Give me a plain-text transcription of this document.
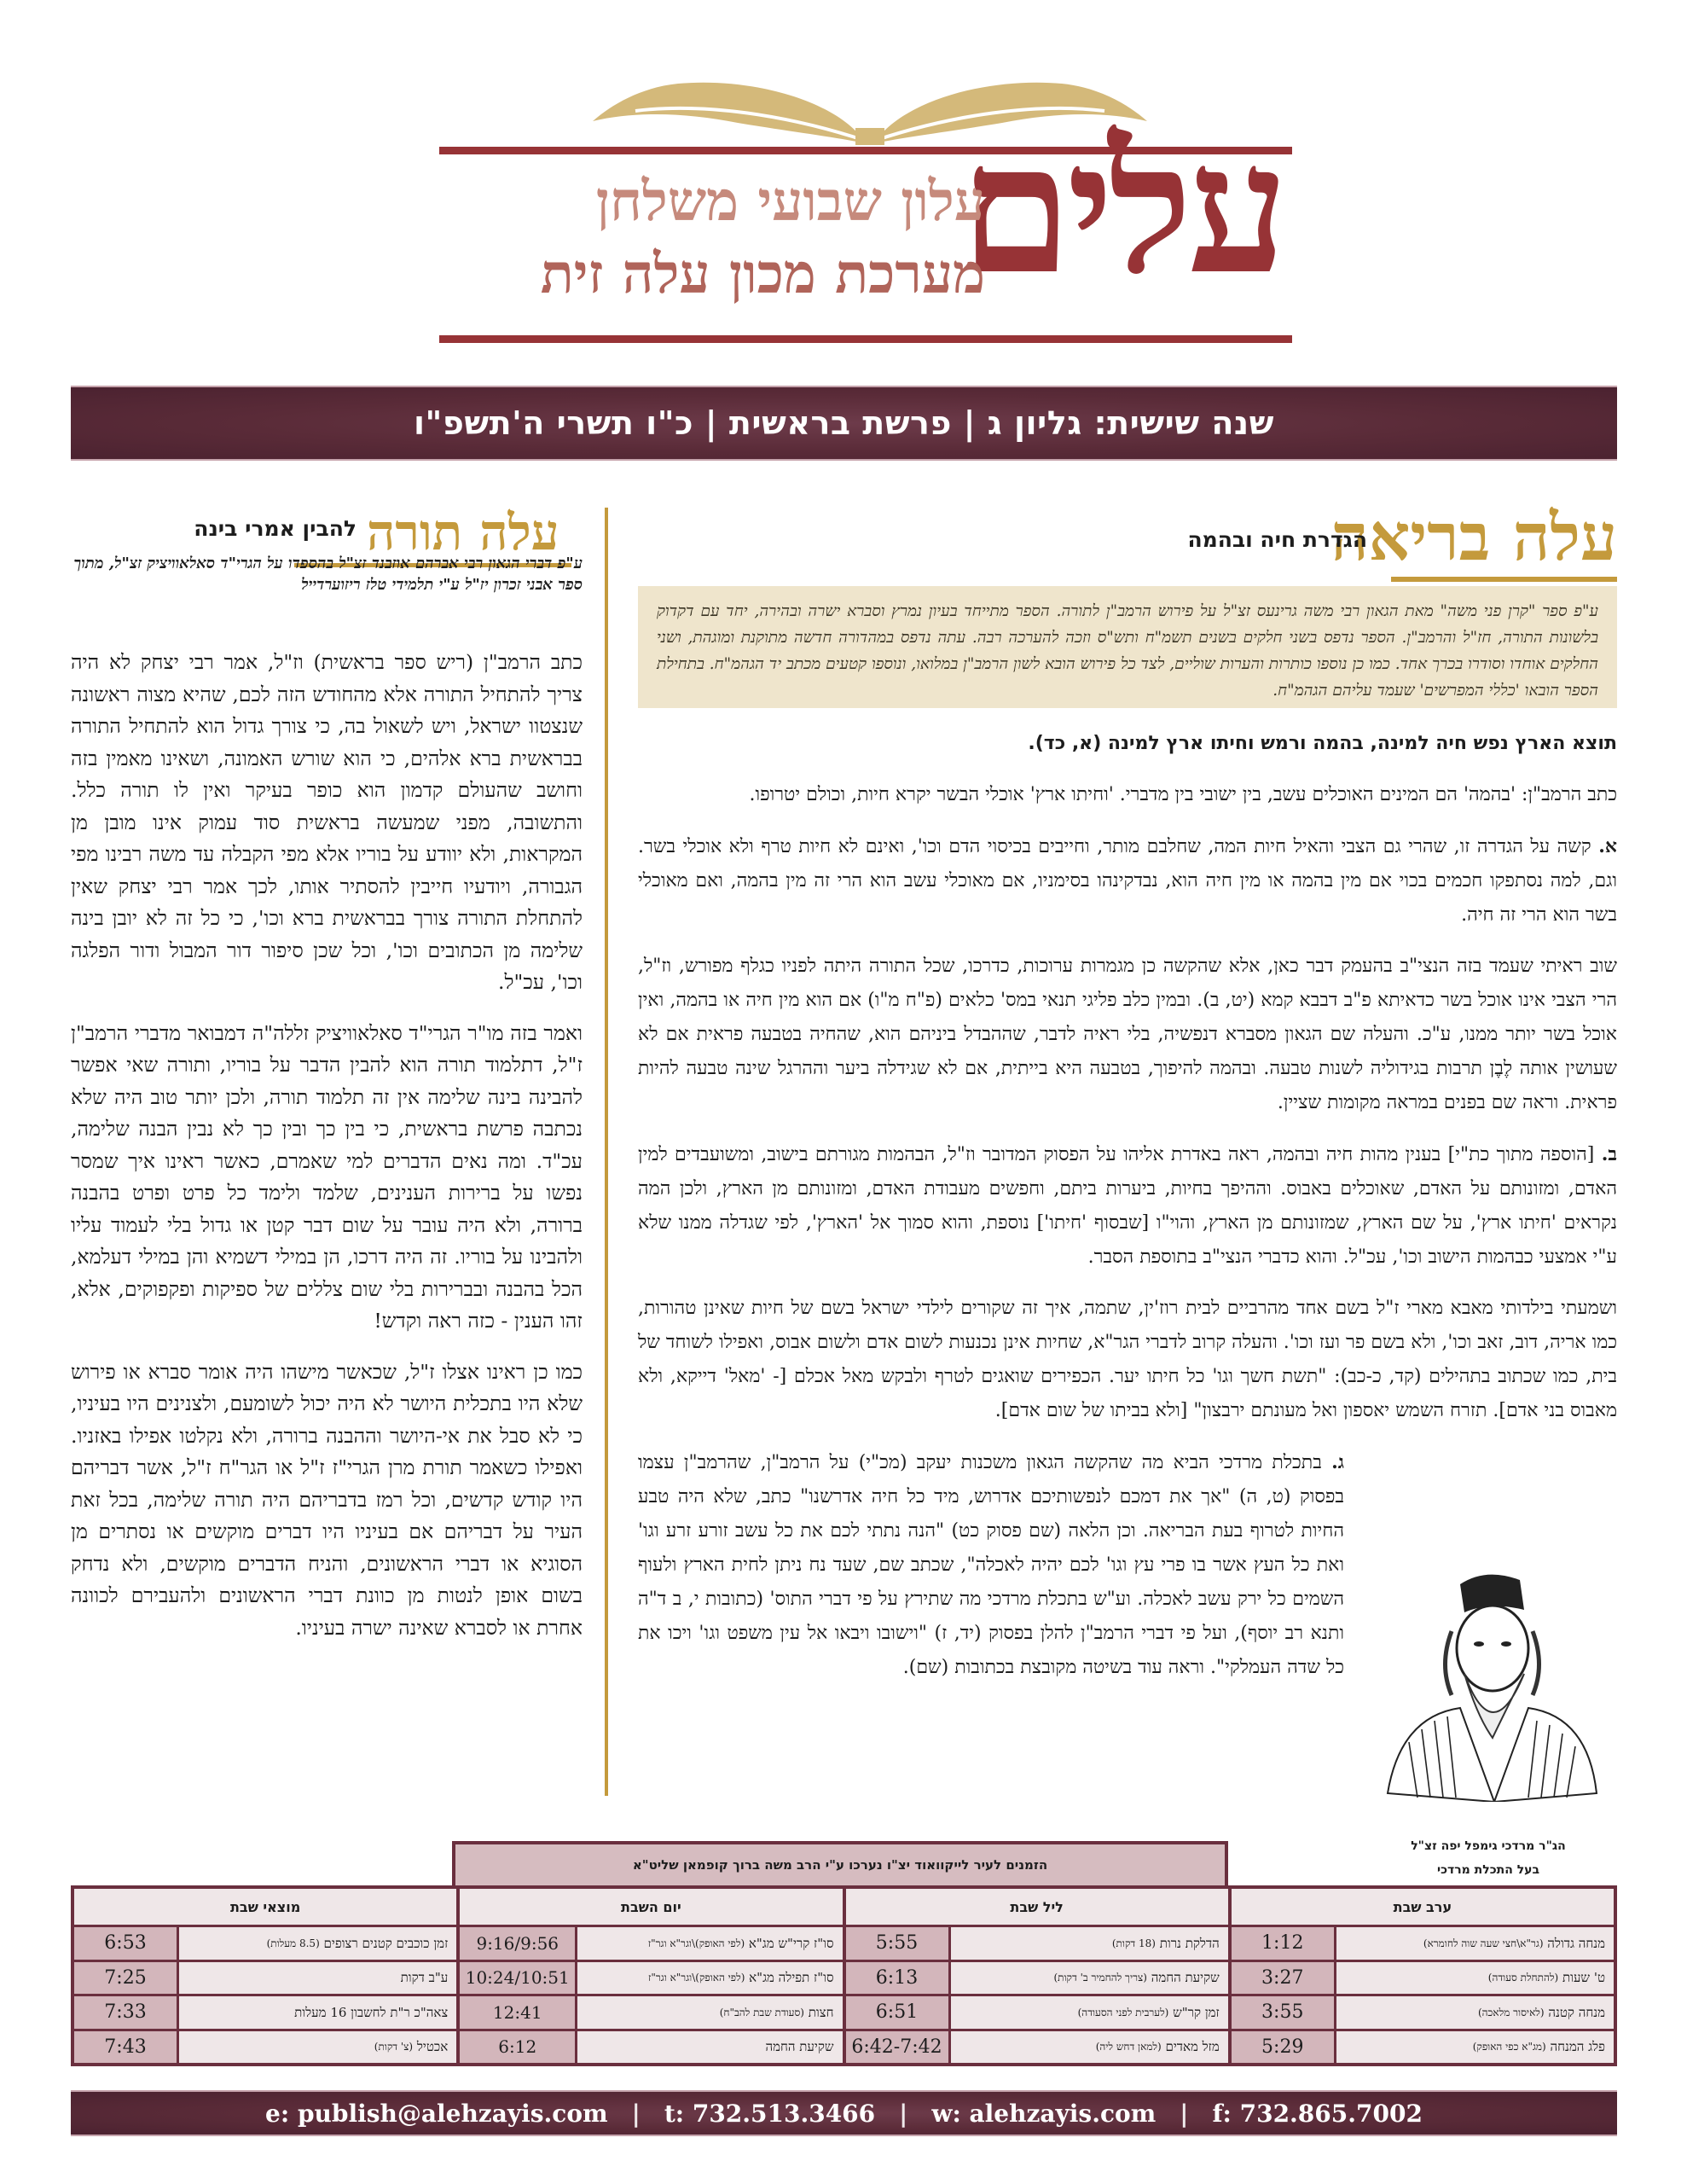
עלים
עלון שבועי משלחן
מערכת מכון עלה זית
שנה שישית: גליון ג | פרשת בראשית | כ"ו תשרי ה'תשפ"ו
עלה בריאה
הגדרת חיה ובהמה
ע"פ ספר "קרן פני משה" מאת הגאון רבי משה גרינעס זצ"ל על פירוש הרמב"ן לתורה. הספר מתייחד בעיון נמרץ וסברא ישרה ובהירה, יחד עם דקדוק בלשונות התורה, חז"ל והרמב"ן. הספר נדפס בשני חלקים בשנים תשמ"ח ותש"ס וזכה להערכה רבה. עתה נדפס במהדורה חדשה מתוקנת ומוגהת, ושני החלקים אוחדו וסודרו בכרך אחד. כמו כן נוספו כותרות והערות שוליים, לצד כל פירוש הובא לשון הרמב"ן במלואו, ונוספו קטעים מכתב יד הגהמ"ח. בתחילת הספר הובאו 'כללי המפרשים' שעמד עליהם הגהמ"ח.
הג"ר מרדכי גימפל יפה זצ"ל
בעל התכלת מרדכי

תוצא הארץ נפש חיה למינה, בהמה ורמש וחיתו ארץ למינה (א, כד).

כתב הרמב"ן: 'בהמה' הם המינים האוכלים עשב, בין ישובי בין מדברי. 'וחיתו ארץ' אוכלי הבשר יקרא חיות, וכולם יטרופו.

א. קשה על הגדרה זו, שהרי גם הצבי והאיל חיות המה, שחלבם מותר, וחייבים בכיסוי הדם וכו', ואינם לא חיות טרף ולא אוכלי בשר. וגם, למה נסתפקו חכמים בכוי אם מין בהמה או מין חיה הוא, נבדקינהו בסימניו, אם מאוכלי עשב הוא הרי זה מין בהמה, ואם מאוכלי בשר הוא הרי זה חיה.

שוב ראיתי שעמד בזה הנצי"ב בהעמק דבר כאן, אלא שהקשה כן מגמרות ערוכות, כדרכו, שכל התורה היתה לפניו כגלף מפורש, וז"ל, הרי הצבי אינו אוכל בשר כדאיתא פ"ב דבבא קמא (יט, ב). ובמין כלב פליגי תנאי במס' כלאים (פ"ח מ"ו) אם הוא מין חיה או בהמה, ואין אוכל בשר יותר ממנו, ע"כ. והעלה שם הגאון מסברא דנפשיה, בלי ראיה לדבר, שההבדל ביניהם הוא, שהחיה בטבעה פראית אם לא שעושין אותה לֶבֶן תרבות בגידוליה לשנות טבעה. ובהמה להיפוך, בטבעה היא בייתית, אם לא שגידלה ביער וההרגל שינה טבעה להיות פראית. וראה שם בפנים במראה מקומות שציין.

ב. [הוספה מתוך כת"י] בענין מהות חיה ובהמה, ראה באדרת אליהו על הפסוק המדובר וז"ל, הבהמות מגורתם בישוב, ומשועבדים למין האדם, ומזונותם על האדם, שאוכלים באבוס. וההיפך בחיות, ביערות ביתם, וחפשים מעבודת האדם, ומזונותם מן הארץ, ולכן המה נקראים 'חיתו ארץ', על שם הארץ, שמזונותם מן הארץ, והוי"ו [שבסוף 'חיתו'] נוספת, והוא סמוך אל 'הארץ', לפי שגדלה ממנו שלא ע"י אמצעי כבהמות הישוב וכו', עכ"ל. והוא כדברי הנצי"ב בתוספת הסבר.

ושמעתי בילדותי מאבא מארי ז"ל בשם אחד מהרביים לבית רוז'ין, שתמה, איך זה שקורים לילדי ישראל בשם של חיות שאינן טהורות, כמו אריה, דוב, זאב וכו', ולא בשם פר ועז וכו'. והעלה קרוב לדברי הגר"א, שחיות אינן נכנעות לשום אדם ולשום אבוס, ואפילו לשוחד של בית, כמו שכתוב בתהילים (קד, כ-כב): "תשת חשך וגו' כל חיתו יער. הכפירים שואגים לטרף ולבקש מאל אכלם [- 'מאל' דייקא, ולא מאבוס בני אדם]. תזרח השמש יאספון ואל מעונתם ירבצון" [ולא בביתו של שום אדם].

ג. בתכלת מרדכי הביא מה שהקשה הגאון משכנות יעקב (מכ"י) על הרמב"ן, שהרמב"ן עצמו בפסוק (ט, ה) "אך את דמכם לנפשותיכם אדרוש, מיד כל חיה אדרשנו" כתב, שלא היה טבע החיות לטרוף בעת הבריאה. וכן הלאה (שם פסוק כט) "הנה נתתי לכם את כל עשב זורע זרע וגו' ואת כל העץ אשר בו פרי עץ וגו' לכם יהיה לאכלה", שכתב שם, שעד נח ניתן לחית הארץ ולעוף השמים כל ירק עשב לאכלה. וע"ש בתכלת מרדכי מה שתירץ על פי דברי התוס' (כתובות י, ב ד"ה ותנא רב יוסף), ועל פי דברי הרמב"ן להלן בפסוק (יד, ז) "וישובו ויבאו אל עין משפט וגו' ויכו את כל שדה העמלקי". וראה עוד בשיטה מקובצת בכתובות (שם).

עלה תורה
להבין אמרי בינה
ע"פ דברי הגאון רבי אברהם אוזבנד זצ"ל בהספדו על הגרי"ד סאלאוויציק זצ"ל, מתוך ספר אבני זכרון יז"ל ע"י תלמידי טלז ריזוערדייל

כתב הרמב"ן (ריש ספר בראשית) וז"ל, אמר רבי יצחק לא היה צריך להתחיל התורה אלא מהחודש הזה לכם, שהיא מצוה ראשונה שנצטוו ישראל, ויש לשאול בה, כי צורך גדול הוא להתחיל התורה בבראשית ברא אלהים, כי הוא שורש האמונה, ושאינו מאמין בזה וחושב שהעולם קדמון הוא כופר בעיקר ואין לו תורה כלל. והתשובה, מפני שמעשה בראשית סוד עמוק אינו מובן מן המקראות, ולא יוודע על בוריו אלא מפי הקבלה עד משה רבינו מפי הגבורה, ויודעיו חייבין להסתיר אותו, לכך אמר רבי יצחק שאין להתחלת התורה צורך בבראשית ברא וכו', כי כל זה לא יובן בינה שלימה מן הכתובים וכו', וכל שכן סיפור דור המבול ודור הפלגה וכו', עכ"ל.

ואמר בזה מו"ר הגרי"ד סאלאוויציק זללה"ה דמבואר מדברי הרמב"ן ז"ל, דתלמוד תורה הוא להבין הדבר על בוריו, ותורה שאי אפשר להבינה בינה שלימה אין זה תלמוד תורה, ולכן יותר טוב היה שלא נכתבה פרשת בראשית, כי בין כך ובין כך לא נבין הבנה שלימה, עכ"ד. ומה נאים הדברים למי שאמרם, כאשר ראינו איך שמסר נפשו על ברירות הענינים, שלמד ולימד כל פרט ופרט בהבנה ברורה, ולא היה עובר על שום דבר קטן או גדול בלי לעמוד עליו ולהבינו על בוריו. זה היה דרכו, הן במילי דשמיא והן במילי דעלמא, הכל בהבנה ובברירות בלי שום צללים של ספיקות ופקפוקים, אלא, זהו הענין - כזה ראה וקדש!

כמו כן ראינו אצלו ז"ל, שכאשר מישהו היה אומר סברא או פירוש שלא היו בתכלית היושר לא היה יכול לשומעם, ולצנינים היו בעיניו, כי לא סבל את אי-היושר וההבנה ברורה, ולא נקלטו אפילו באזניו. ואפילו כשאמר תורת מרן הגרי"ז ז"ל או הגר"ח ז"ל, אשר דבריהם היו קודש קדשים, וכל רמז בדבריהם היה תורה שלימה, בכל זאת העיר על דבריהם אם בעיניו היו דברים מוקשים או נסתרים מן הסוגיא או דברי הראשונים, והניח הדברים מוקשים, ולא נדחק בשום אופן לנטות מן כוונת דברי הראשונים ולהעבירם לכוונה אחרת או לסברא שאינה ישרה בעיניו.

הזמנים לעיר לייקוואוד יצ"ו נערכו ע"י הרב משה ברוך קופמאן שליט"א
ערב שבת
מנחה גדולה

(גר"א\חצי שעה שוה לחומרא)
1:12
ט' שעות

(להתחלת סעודה)
3:27
מנחה קטנה

(לאיסור מלאכה)
3:55
פלג המנחה

(מג"א כפי האופק)
5:29
ליל שבת
הדלקת נרות

(18 דקות)
5:55
שקיעת החמה

(צריך להחמיר ב' דקות)
6:13
זמן קר"ש

(לערבית לפני הסעודה)
6:51
מזל מאדים

(למאן דחש ליה)
6:42-7:42
יום השבת
סו"ז קרי"ש מג"א

(לפי האופק)\וגר"א וגר"ז
9:16/9:56
סו"ז תפילה מג"א

(לפי האופק)\וגר"א וגר"ז
10:24/10:51
חצות

(סעודת שבת להב"ח)
12:41
שקיעת החמה

6:12
מוצאי שבת
זמן כוכבים קטנים רצופים

(8.5 מעלות)
6:53
ע"ב דקות

7:25
צאה"כ ר"ת לחשבון 16 מעלות

7:33
אכטיל

(צ' דקות)
7:43
e: publish@alehzayis.com | t: 732.513.3466 | w: alehzayis.com | f: 732.865.7002
